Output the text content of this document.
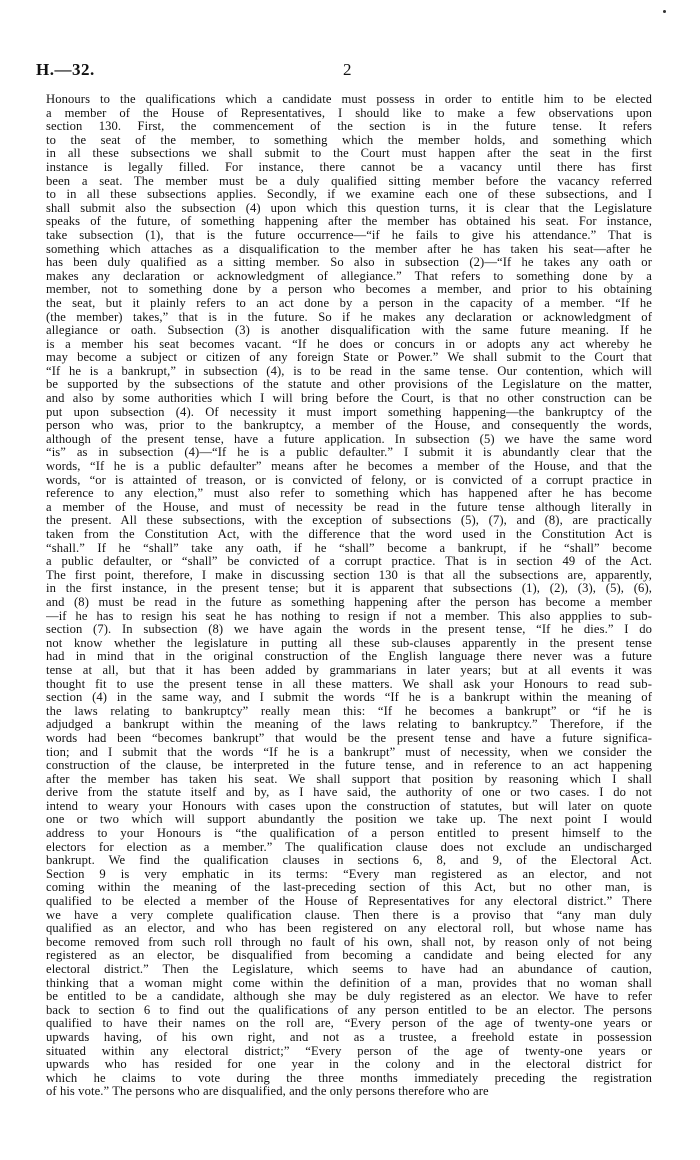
H.—32.	2
Honours to the qualifications which a candidate must possess in order to entitle him to be elected
a member of the House of Representatives, I should like to make a few observations upon
section 130. First, the commencement of the section is in the future tense. It refers
to the seat of the member, to something which the member holds, and something which
in all these subsections we shall submit to the Court must happen after the seat in the first
instance is legally filled. For instance, there cannot be a vacancy until there has first
been a seat. The member must be a duly qualified sitting member before the vacancy referred
to in all these subsections applies. Secondly, if we examine each one of these subsections, and I
shall submit also the subsection (4) upon which this question turns, it is clear that the Legislature
speaks of the future, of something happening after the member has obtained his seat. For instance,
take subsection (1), that is the future occurrence—“if he fails to give his attendance.” That is
something which attaches as a disqualification to the member after he has taken his seat—after he
has been duly qualified as a sitting member. So also in subsection (2)—“If he takes any oath or
makes any declaration or acknowledgment of allegiance.” That refers to something done by a
member, not to something done by a person who becomes a member, and prior to his obtaining
the seat, but it plainly refers to an act done by a person in the capacity of a member. “If he
(the member) takes,” that is in the future. So if he makes any declaration or acknowledgment of
allegiance or oath. Subsection (3) is another disqualification with the same future meaning. If he
is a member his seat becomes vacant. “If he does or concurs in or adopts any act whereby he
may become a subject or citizen of any foreign State or Power.” We shall submit to the Court that
“If he is a bankrupt,” in subsection (4), is to be read in the same tense. Our contention, which will
be supported by the subsections of the statute and other provisions of the Legislature on the matter,
and also by some authorities which I will bring before the Court, is that no other construction can be
put upon subsection (4). Of necessity it must import something happening—the bankruptcy of the
person who was, prior to the bankruptcy, a member of the House, and consequently the words,
although of the present tense, have a future application. In subsection (5) we have the same word
“is” as in subsection (4)—“If he is a public defaulter.” I submit it is abundantly clear that the
words, “If he is a public defaulter” means after he becomes a member of the House, and that the
words, “or is attainted of treason, or is convicted of felony, or is convicted of a corrupt practice in
reference to any election,” must also refer to something which has happened after he has become
a member of the House, and must of necessity be read in the future tense although literally in
the present. All these subsections, with the exception of subsections (5), (7), and (8), are practically
taken from the Constitution Act, with the difference that the word used in the Constitution Act is
“shall.” If he “shall” take any oath, if he “shall” become a bankrupt, if he “shall” become
a public defaulter, or “shall” be convicted of a corrupt practice. That is in section 49 of the Act.
The first point, therefore, I make in discussing section 130 is that all the subsections are, apparently,
in the first instance, in the present tense; but it is apparent that subsections (1), (2), (3), (5), (6),
and (8) must be read in the future as something happening after the person has become a member
—if he has to resign his seat he has nothing to resign if not a member. This also appplies to sub-
section (7). In subsection (8) we have again the words in the present tense, “If he dies.” I do
not know whether the legislature in putting all these sub-clauses apparently in the present tense
had in mind that in the original construction of the English language there never was a future
tense at all, but that it has been added by grammarians in later years; but at all events it was
thought fit to use the present tense in all these matters. We shall ask your Honours to read sub-
section (4) in the same way, and I submit the words “If he is a bankrupt within the meaning of
the laws relating to bankruptcy” really mean this: “If he becomes a bankrupt” or “if he is
adjudged a bankrupt within the meaning of the laws relating to bankruptcy.” Therefore, if the
words had been “becomes bankrupt” that would be the present tense and have a future significa-
tion; and I submit that the words “If he is a bankrupt” must of necessity, when we consider the
construction of the clause, be interpreted in the future tense, and in reference to an act happening
after the member has taken his seat. We shall support that position by reasoning which I shall
derive from the statute itself and by, as I have said, the authority of one or two cases. I do not
intend to weary your Honours with cases upon the construction of statutes, but will later on quote
one or two which will support abundantly the position we take up. The next point I would
address to your Honours is “the qualification of a person entitled to present himself to the
electors for election as a member.” The qualification clause does not exclude an undischarged
bankrupt. We find the qualification clauses in sections 6, 8, and 9, of the Electoral Act.
Section 9 is very emphatic in its terms: “Every man registered as an elector, and not
coming within the meaning of the last-preceding section of this Act, but no other man, is
qualified to be elected a member of the House of Representatives for any electoral district.” There
we have a very complete qualification clause. Then there is a proviso that “any man duly
qualified as an elector, and who has been registered on any electoral roll, but whose name has
become removed from such roll through no fault of his own, shall not, by reason only of not being
registered as an elector, be disqualified from becoming a candidate and being elected for any
electoral district.” Then the Legislature, which seems to have had an abundance of caution,
thinking that a woman might come within the definition of a man, provides that no woman shall
be entitled to be a candidate, although she may be duly registered as an elector. We have to refer
back to section 6 to find out the qualifications of any person entitled to be an elector. The persons
qualified to have their names on the roll are, “Every person of the age of twenty-one years or
upwards having, of his own right, and not as a trustee, a freehold estate in possession
situated within any electoral district;” “Every person of the age of twenty-one years or
upwards who has resided for one year in the colony and in the electoral district for
which he claims to vote during the three months immediately preceding the registration
of his vote.” The persons who are disqualified, and the only persons therefore who are
